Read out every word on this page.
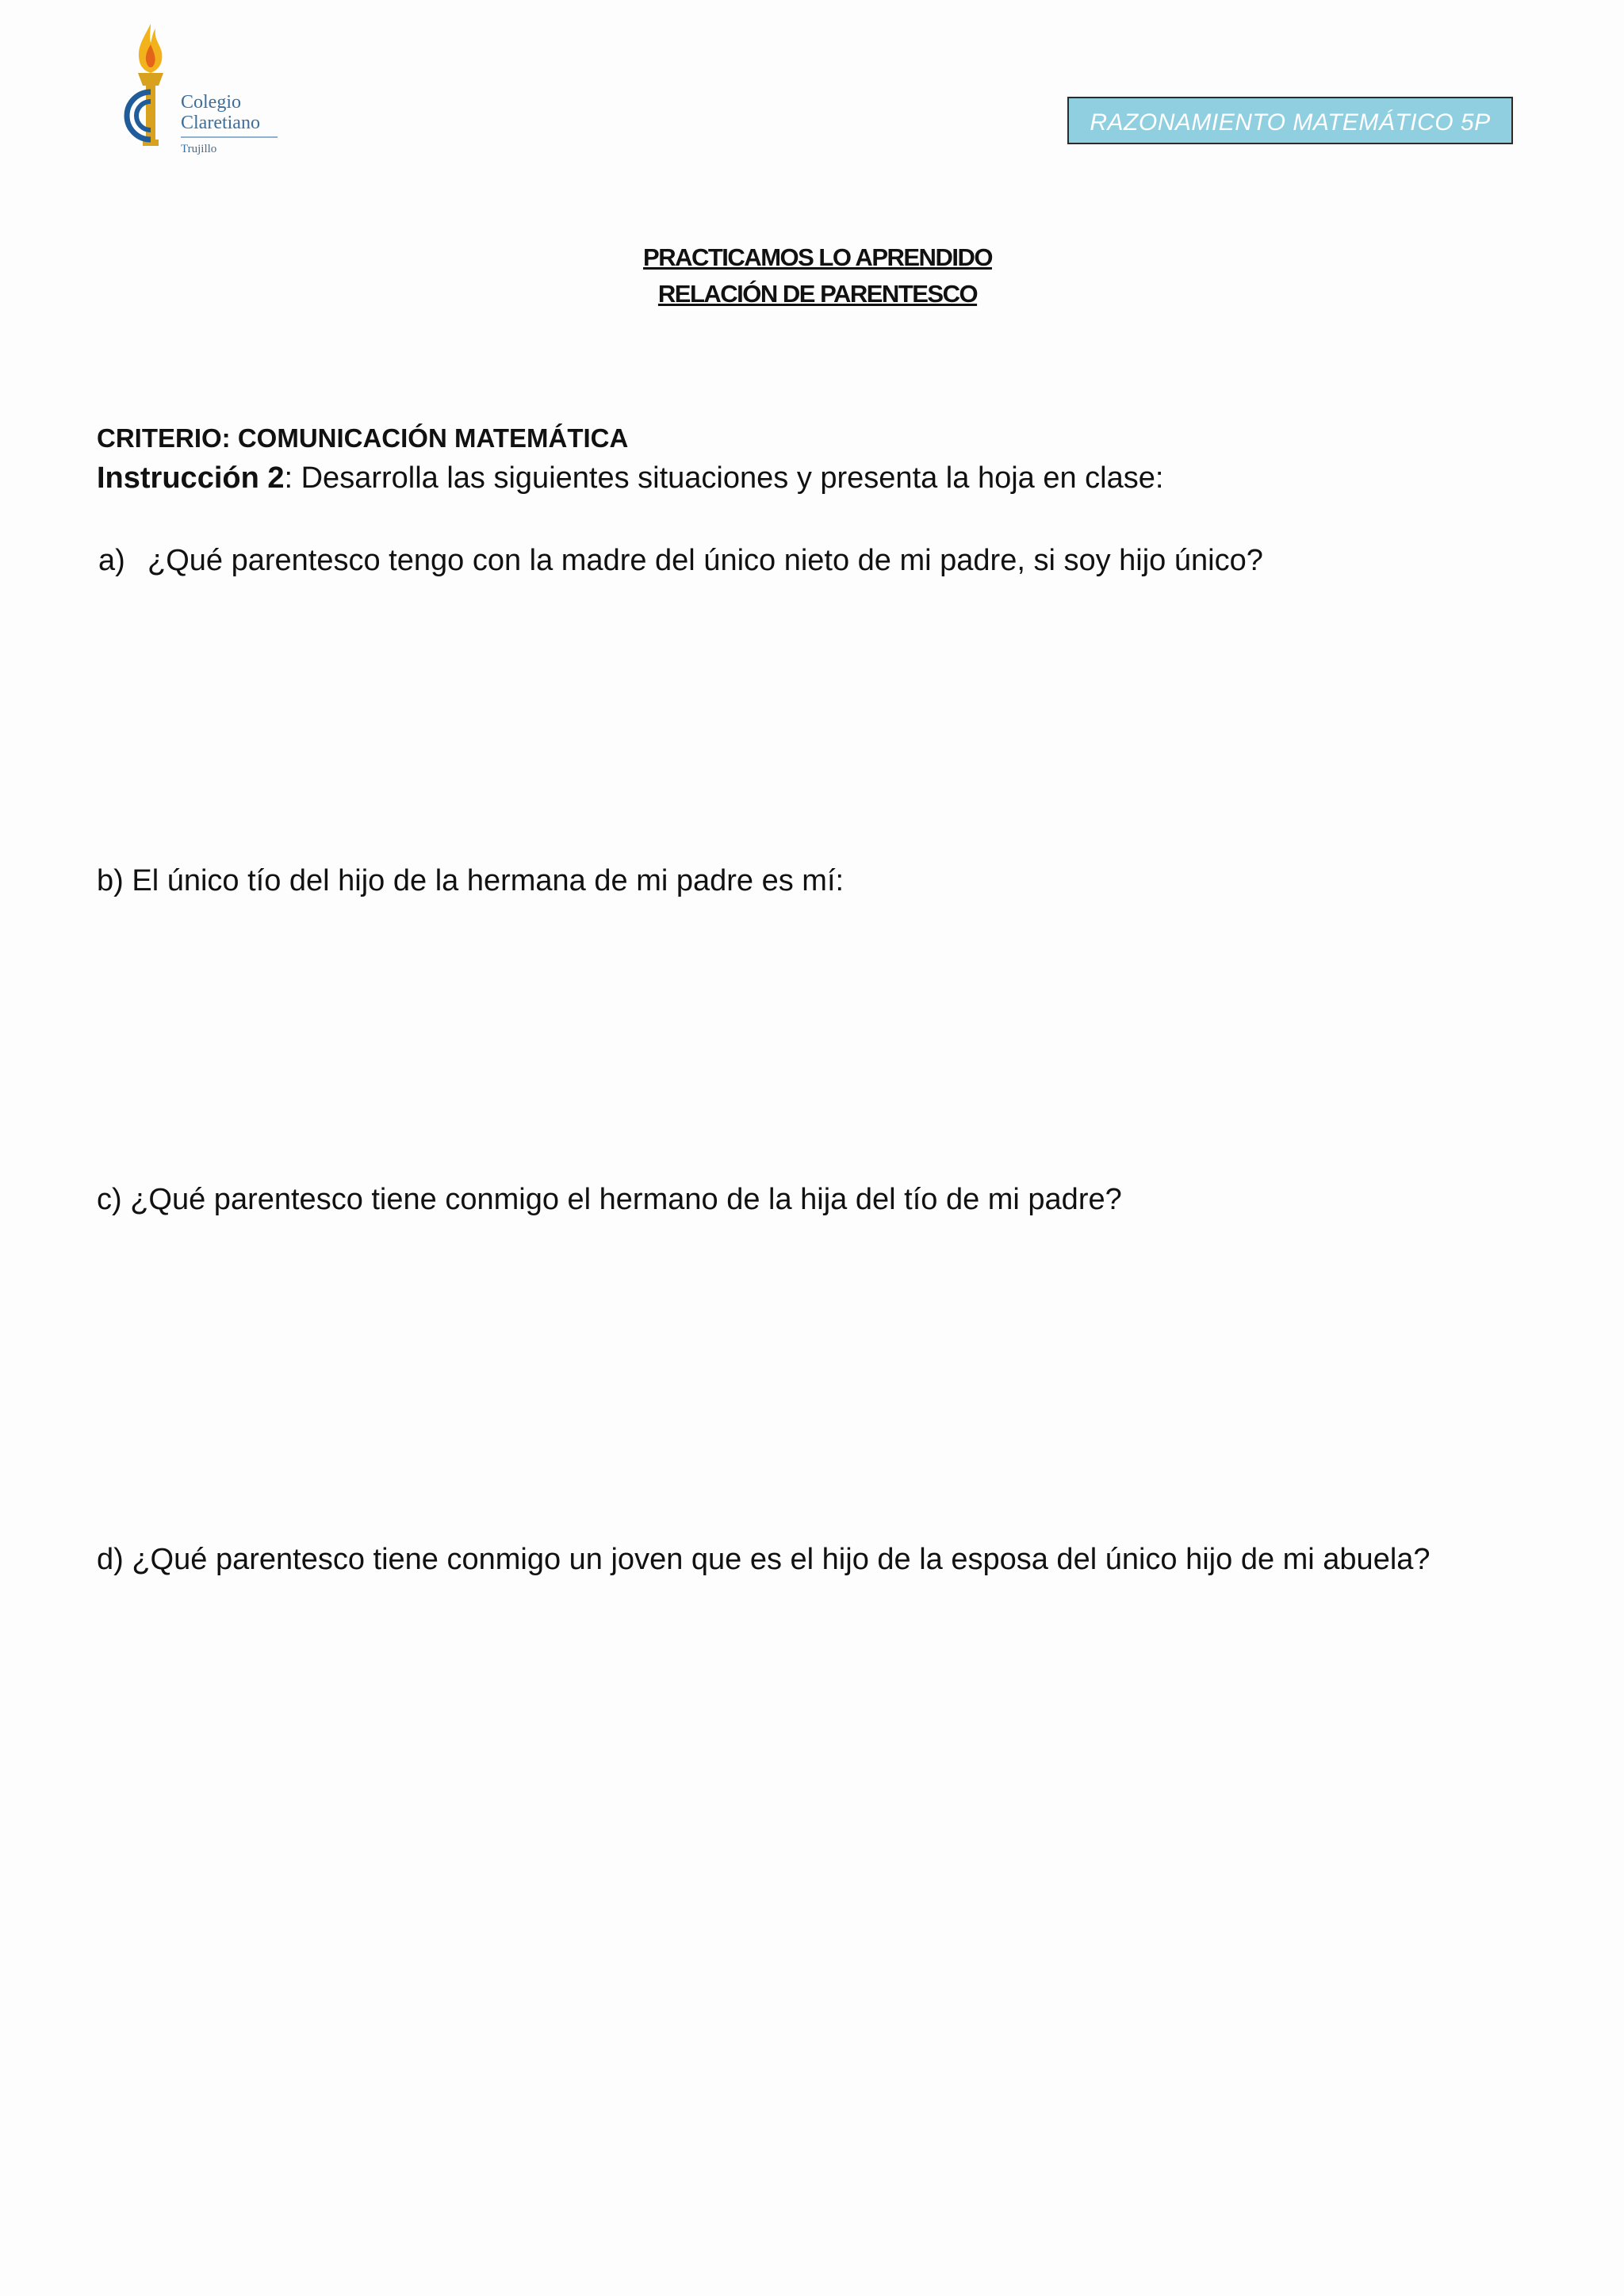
Colegio
Claretiano
Trujillo
RAZONAMIENTO MATEMÁTICO 5P
PRACTICAMOS LO APRENDIDO
RELACIÓN DE PARENTESCO
CRITERIO: COMUNICACIÓN MATEMÁTICA
Instrucción 2: Desarrolla las siguientes situaciones y presenta la hoja en clase:
a) ¿Qué parentesco tengo con la madre del único nieto de mi padre, si soy hijo único?
b) El único tío del hijo de la hermana de mi padre es mí:
c) ¿Qué parentesco tiene conmigo el hermano de la hija del tío de mi padre?
d) ¿Qué parentesco tiene conmigo un joven que es el hijo de la esposa del único hijo de mi abuela?
